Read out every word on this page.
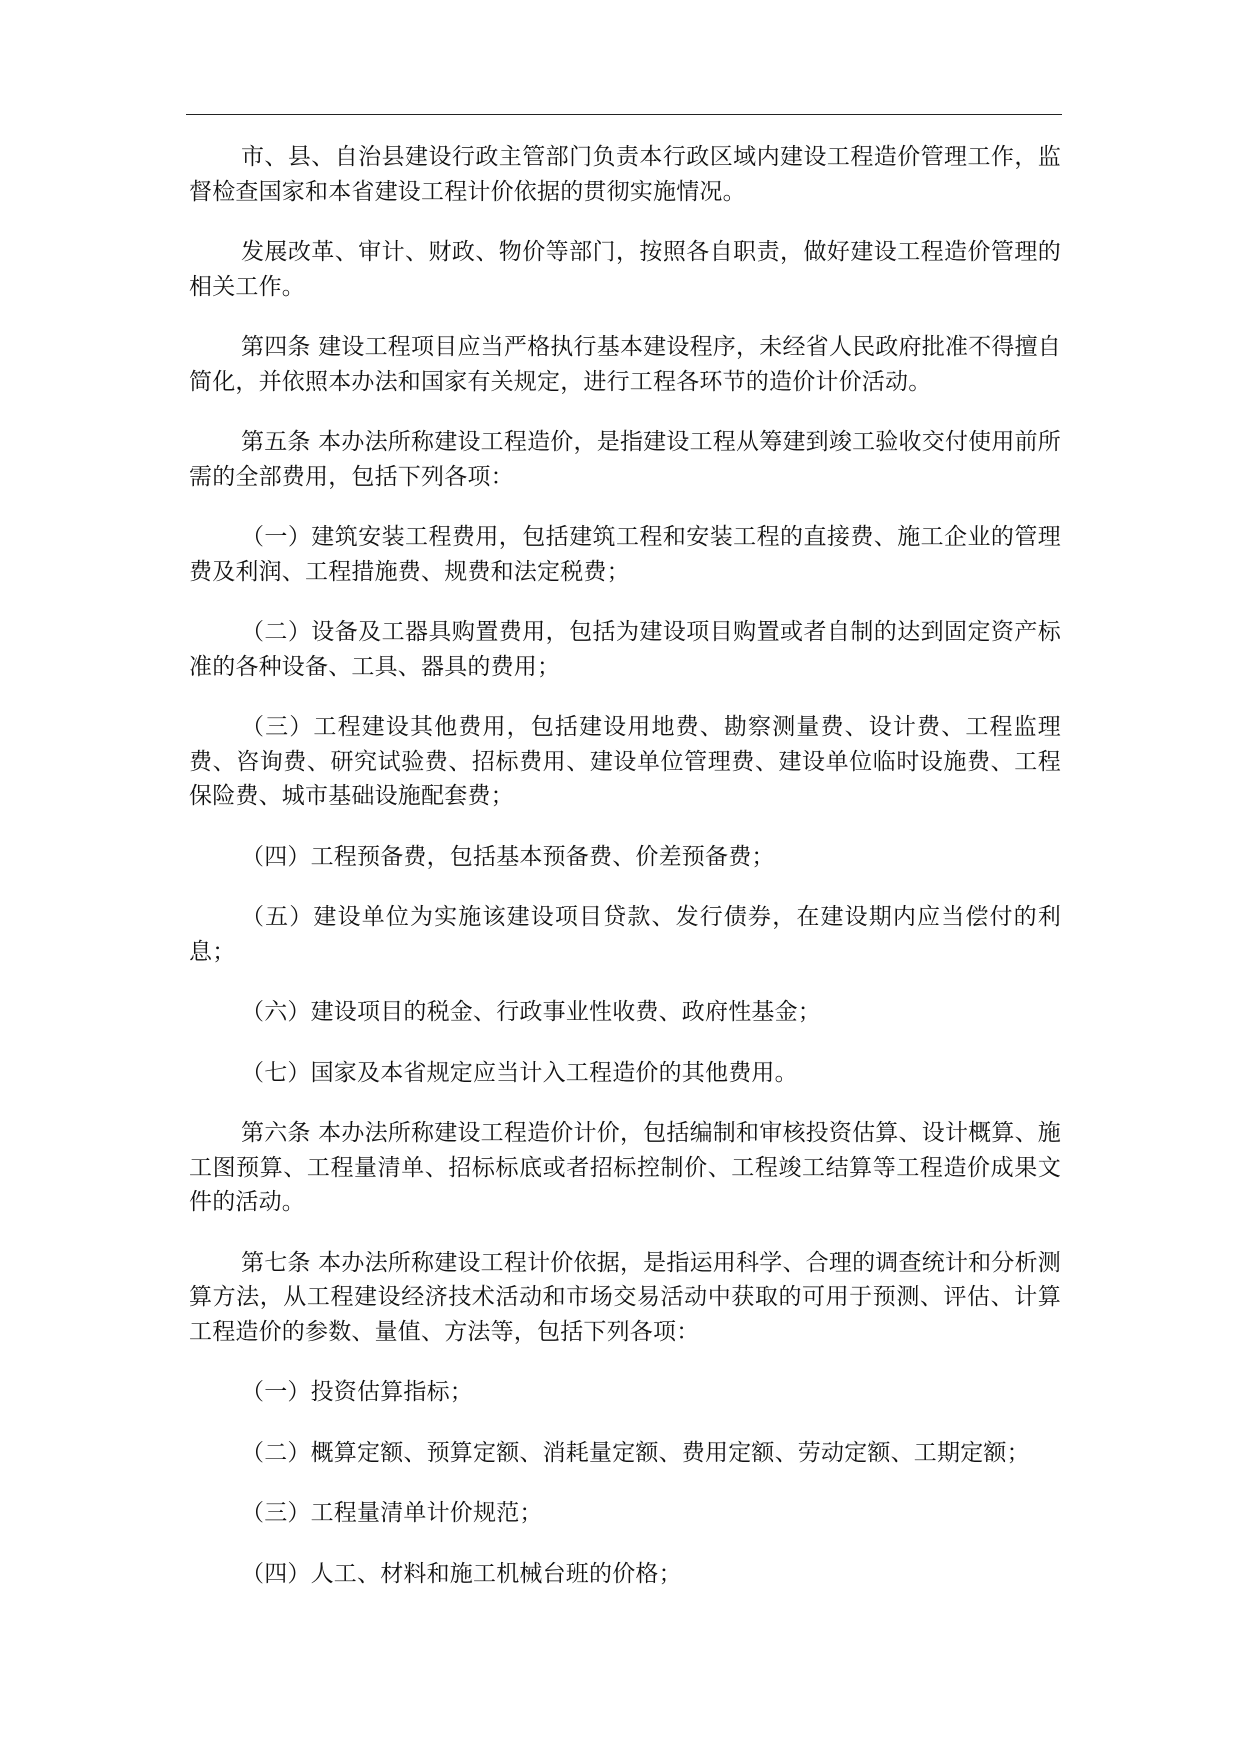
市、县、自治县建设行政主管部门负责本行政区域内建设工程造价管理工作，监督检查国家和本省建设工程计价依据的贯彻实施情况。

发展改革、审计、财政、物价等部门，按照各自职责，做好建设工程造价管理的相关工作。

第四条 建设工程项目应当严格执行基本建设程序，未经省人民政府批准不得擅自简化，并依照本办法和国家有关规定，进行工程各环节的造价计价活动。

第五条 本办法所称建设工程造价，是指建设工程从筹建到竣工验收交付使用前所需的全部费用，包括下列各项：

（一）建筑安装工程费用，包括建筑工程和安装工程的直接费、施工企业的管理费及利润、工程措施费、规费和法定税费；

（二）设备及工器具购置费用，包括为建设项目购置或者自制的达到固定资产标准的各种设备、工具、器具的费用；

（三）工程建设其他费用，包括建设用地费、勘察测量费、设计费、工程监理费、咨询费、研究试验费、招标费用、建设单位管理费、建设单位临时设施费、工程保险费、城市基础设施配套费；

（四）工程预备费，包括基本预备费、价差预备费；

（五）建设单位为实施该建设项目贷款、发行债券，在建设期内应当偿付的利息；

（六）建设项目的税金、行政事业性收费、政府性基金；

（七）国家及本省规定应当计入工程造价的其他费用。

第六条 本办法所称建设工程造价计价，包括编制和审核投资估算、设计概算、施工图预算、工程量清单、招标标底或者招标控制价、工程竣工结算等工程造价成果文件的活动。

第七条 本办法所称建设工程计价依据，是指运用科学、合理的调查统计和分析测算方法，从工程建设经济技术活动和市场交易活动中获取的可用于预测、评估、计算工程造价的参数、量值、方法等，包括下列各项：

（一）投资估算指标；

（二）概算定额、预算定额、消耗量定额、费用定额、劳动定额、工期定额；

（三）工程量清单计价规范；

（四）人工、材料和施工机械台班的价格；
